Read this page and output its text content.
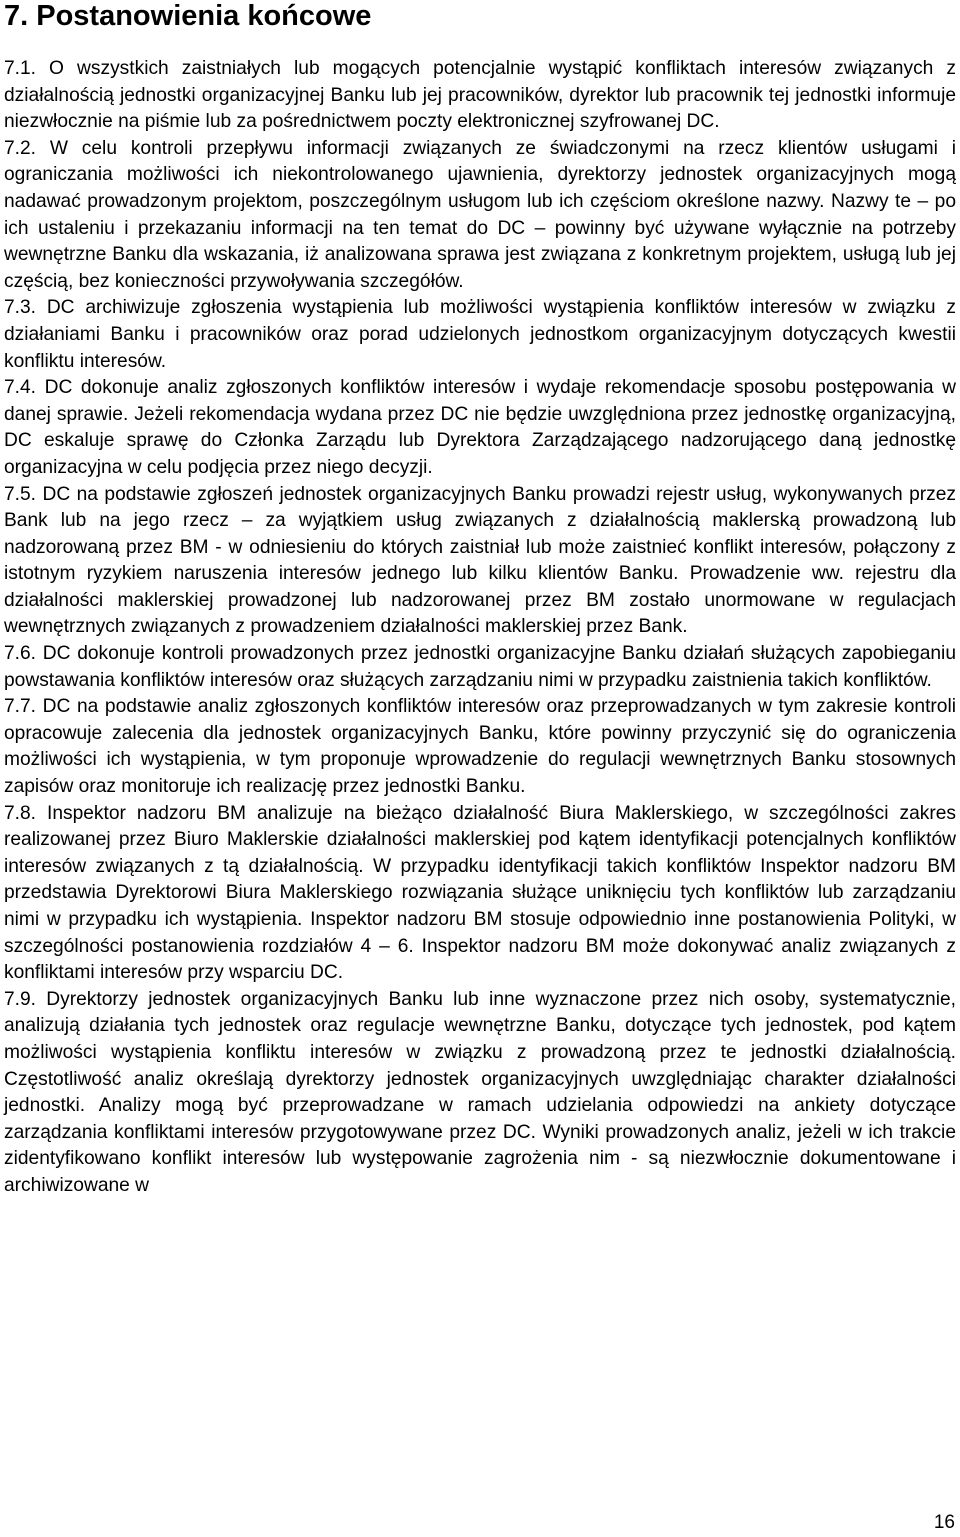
7. Postanowienia końcowe

7.1. O wszystkich zaistniałych lub mogących potencjalnie wystąpić konfliktach interesów związanych z działalnością jednostki organizacyjnej Banku lub jej pracowników, dyrektor lub pracownik tej jednostki informuje niezwłocznie na piśmie lub za pośrednictwem poczty elektronicznej szyfrowanej DC.

7.2. W celu kontroli przepływu informacji związanych ze świadczonymi na rzecz klientów usługami i ograniczania możliwości ich niekontrolowanego ujawnienia, dyrektorzy jednostek organizacyjnych mogą nadawać prowadzonym projektom, poszczególnym usługom lub ich częściom określone nazwy. Nazwy te – po ich ustaleniu i przekazaniu informacji na ten temat do DC – powinny być używane wyłącznie na potrzeby wewnętrzne Banku dla wskazania, iż analizowana sprawa jest związana z konkretnym projektem, usługą lub jej częścią, bez konieczności przywoływania szczegółów.

7.3. DC archiwizuje zgłoszenia wystąpienia lub możliwości wystąpienia konfliktów interesów w związku z działaniami Banku i pracowników oraz porad udzielonych jednostkom organizacyjnym dotyczących kwestii konfliktu interesów.

7.4. DC dokonuje analiz zgłoszonych konfliktów interesów i wydaje rekomendacje sposobu postępowania w danej sprawie. Jeżeli rekomendacja wydana przez DC nie będzie uwzględniona przez jednostkę organizacyjną, DC eskaluje sprawę do Członka Zarządu lub Dyrektora Zarządzającego nadzorującego daną jednostkę organizacyjna w celu podjęcia przez niego decyzji.

7.5. DC na podstawie zgłoszeń jednostek organizacyjnych Banku prowadzi rejestr usług, wykonywanych przez Bank lub na jego rzecz – za wyjątkiem usług związanych z działalnością maklerską prowadzoną lub nadzorowaną przez BM - w odniesieniu do których zaistniał lub może zaistnieć konflikt interesów, połączony z istotnym ryzykiem naruszenia interesów jednego lub kilku klientów Banku. Prowadzenie ww. rejestru dla działalności maklerskiej prowadzonej lub nadzorowanej przez BM zostało unormowane w regulacjach wewnętrznych związanych z prowadzeniem działalności maklerskiej przez Bank.

7.6. DC dokonuje kontroli prowadzonych przez jednostki organizacyjne Banku działań służących zapobieganiu powstawania konfliktów interesów oraz służących zarządzaniu nimi w przypadku zaistnienia takich konfliktów.

7.7. DC na podstawie analiz zgłoszonych konfliktów interesów oraz przeprowadzanych w tym zakresie kontroli opracowuje zalecenia dla jednostek organizacyjnych Banku, które powinny przyczynić się do ograniczenia możliwości ich wystąpienia, w tym proponuje wprowadzenie do regulacji wewnętrznych Banku stosownych zapisów oraz monitoruje ich realizację przez jednostki Banku.

7.8. Inspektor nadzoru BM analizuje na bieżąco działalność Biura Maklerskiego, w szczególności zakres realizowanej przez Biuro Maklerskie działalności maklerskiej pod kątem identyfikacji potencjalnych konfliktów interesów związanych z tą działalnością. W przypadku identyfikacji takich konfliktów Inspektor nadzoru BM przedstawia Dyrektorowi Biura Maklerskiego rozwiązania służące uniknięciu tych konfliktów lub zarządzaniu nimi w przypadku ich wystąpienia. Inspektor nadzoru BM stosuje odpowiednio inne postanowienia Polityki, w szczególności postanowienia rozdziałów 4 – 6. Inspektor nadzoru BM może dokonywać analiz związanych z konfliktami interesów przy wsparciu DC.

7.9. Dyrektorzy jednostek organizacyjnych Banku lub inne wyznaczone przez nich osoby, systematycznie, analizują działania tych jednostek oraz regulacje wewnętrzne Banku, dotyczące tych jednostek, pod kątem możliwości wystąpienia konfliktu interesów w związku z prowadzoną przez te jednostki działalnością. Częstotliwość analiz określają dyrektorzy jednostek organizacyjnych uwzględniając charakter działalności jednostki. Analizy mogą być przeprowadzane w ramach udzielania odpowiedzi na ankiety dotyczące zarządzania konfliktami interesów przygotowywane przez DC. Wyniki prowadzonych analiz, jeżeli w ich trakcie zidentyfikowano konflikt interesów lub występowanie zagrożenia nim - są niezwłocznie dokumentowane i archiwizowane w

16
